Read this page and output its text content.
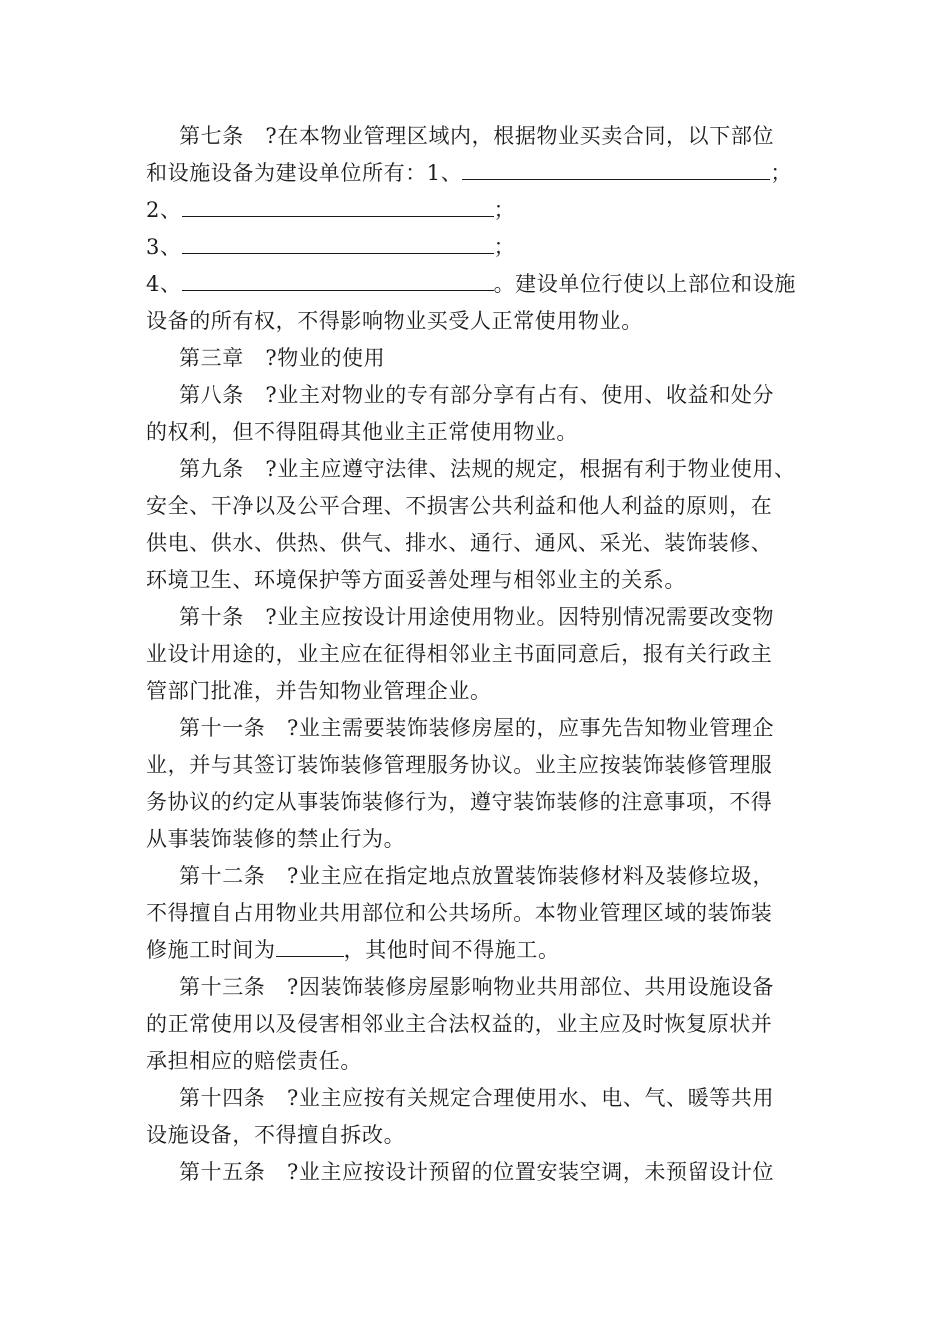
第七条　?在本物业管理区域内，根据物业买卖合同，以下部位
和设施设备为建设单位所有：1、	；
2、	；
3、	；
4、	。建设单位行使以上部位和设施
设备的所有权，不得影响物业买受人正常使用物业。
第三章　?物业的使用
第八条　?业主对物业的专有部分享有占有、使用、收益和处分
的权利，但不得阻碍其他业主正常使用物业。
第九条　?业主应遵守法律、法规的规定，根据有利于物业使用、
安全、干净以及公平合理、不损害公共利益和他人利益的原则，在
供电、供水、供热、供气、排水、通行、通风、采光、装饰装修、
环境卫生、环境保护等方面妥善处理与相邻业主的关系。
第十条　?业主应按设计用途使用物业。因特别情况需要改变物
业设计用途的，业主应在征得相邻业主书面同意后，报有关行政主
管部门批准，并告知物业管理企业。
第十一条　?业主需要装饰装修房屋的，应事先告知物业管理企
业，并与其签订装饰装修管理服务协议。业主应按装饰装修管理服
务协议的约定从事装饰装修行为，遵守装饰装修的注意事项，不得
从事装饰装修的禁止行为。
第十二条　?业主应在指定地点放置装饰装修材料及装修垃圾，
不得擅自占用物业共用部位和公共场所。本物业管理区域的装饰装
修施工时间为	，其他时间不得施工。
第十三条　?因装饰装修房屋影响物业共用部位、共用设施设备
的正常使用以及侵害相邻业主合法权益的，业主应及时恢复原状并
承担相应的赔偿责任。
第十四条　?业主应按有关规定合理使用水、电、气、暖等共用
设施设备，不得擅自拆改。
第十五条　?业主应按设计预留的位置安装空调，未预留设计位
